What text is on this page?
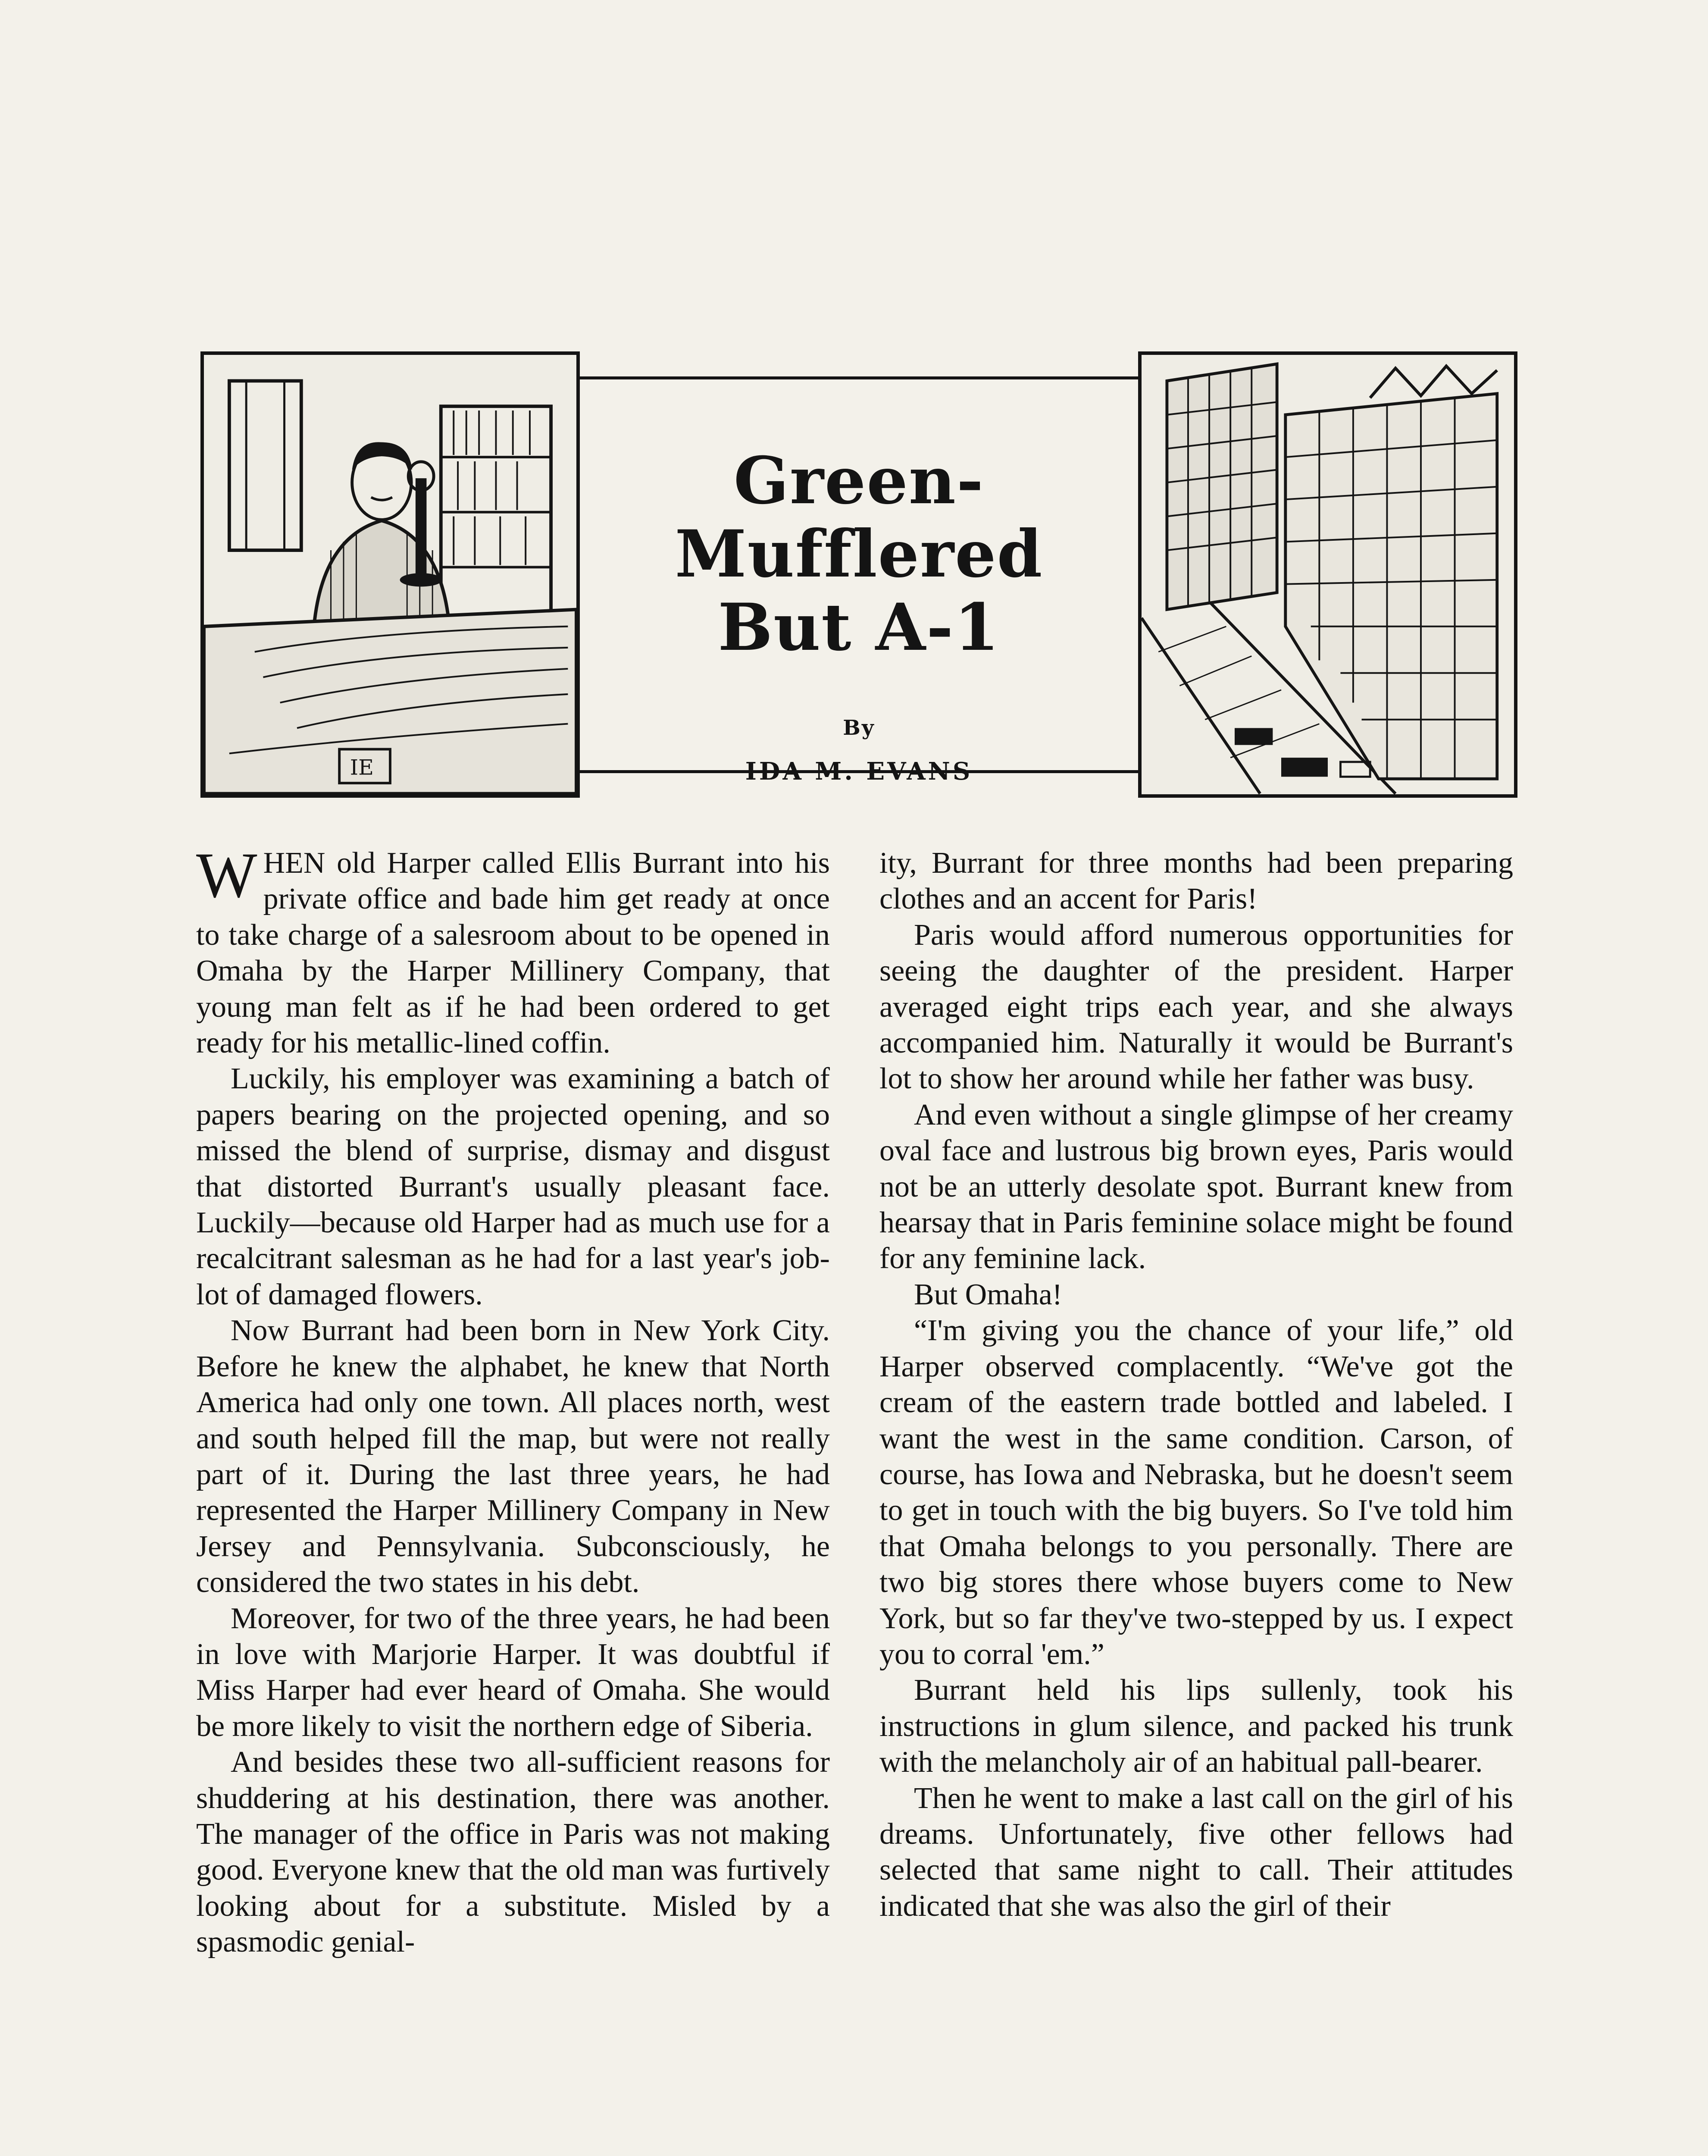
IE
Green-
Mufflered
But A-1
By
IDA M. EVANS

WHEN old Harper called Ellis Burrant into his private office and bade him get ready at once to take charge of a salesroom about to be opened in Omaha by the Harper Millinery Company, that young man felt as if he had been ordered to get ready for his metallic-lined coffin.

Luckily, his employer was examining a batch of papers bearing on the projected opening, and so missed the blend of surprise, dismay and disgust that distorted Burrant's usually pleasant face. Luckily—because old Harper had as much use for a recalcitrant salesman as he had for a last year's job-lot of damaged flowers.

Now Burrant had been born in New York City. Before he knew the alphabet, he knew that North America had only one town. All places north, west and south helped fill the map, but were not really part of it. During the last three years, he had represented the Harper Millinery Company in New Jersey and Pennsylvania. Subconsciously, he considered the two states in his debt.

Moreover, for two of the three years, he had been in love with Marjorie Harper. It was doubtful if Miss Harper had ever heard of Omaha. She would be more likely to visit the northern edge of Siberia.

And besides these two all-sufficient reasons for shuddering at his destination, there was another. The manager of the office in Paris was not making good. Everyone knew that the old man was furtively looking about for a substitute. Misled by a spasmodic genial-

ity, Burrant for three months had been preparing clothes and an accent for Paris!

Paris would afford numerous opportunities for seeing the daughter of the president. Harper averaged eight trips each year, and she always accompanied him. Naturally it would be Burrant's lot to show her around while her father was busy.

And even without a single glimpse of her creamy oval face and lustrous big brown eyes, Paris would not be an utterly desolate spot. Burrant knew from hearsay that in Paris feminine solace might be found for any feminine lack.

But Omaha!

“I'm giving you the chance of your life,” old Harper observed complacently. “We've got the cream of the eastern trade bottled and labeled. I want the west in the same condition. Carson, of course, has Iowa and Nebraska, but he doesn't seem to get in touch with the big buyers. So I've told him that Omaha belongs to you personally. There are two big stores there whose buyers come to New York, but so far they've two-stepped by us. I expect you to corral 'em.”

Burrant held his lips sullenly, took his instructions in glum silence, and packed his trunk with the melancholy air of an habitual pall-bearer.

Then he went to make a last call on the girl of his dreams. Unfortunately, five other fellows had selected that same night to call. Their attitudes indicated that she was also the girl of their
